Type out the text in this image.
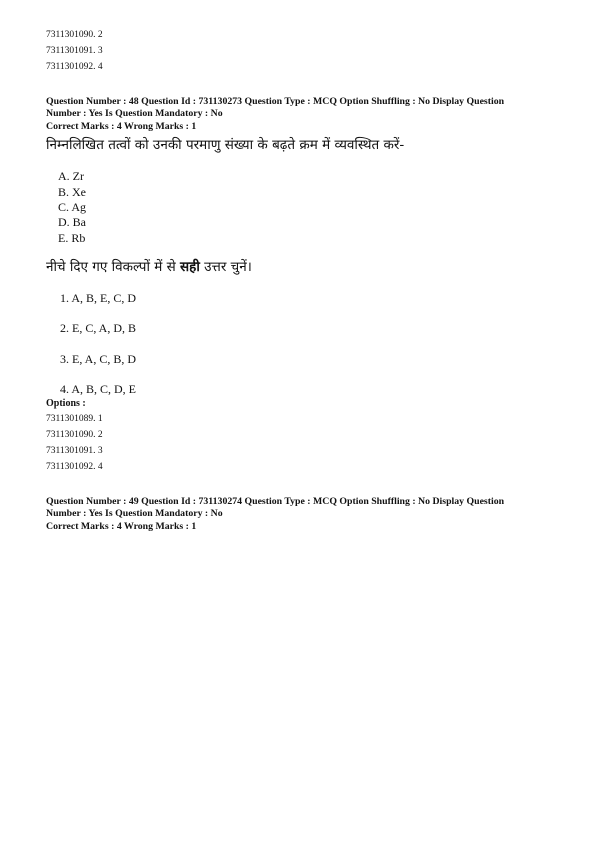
7311301090. 2
7311301091. 3
7311301092. 4
Question Number : 48 Question Id : 731130273 Question Type : MCQ Option Shuffling : No Display Question
Number : Yes Is Question Mandatory : No
Correct Marks : 4 Wrong Marks : 1
निम्नलिखित तत्वों को उनकी परमाणु संख्या के बढ़ते क्रम में व्यवस्थित करें-
A. Zr
B. Xe
C. Ag
D. Ba
E. Rb
नीचे दिए गए विकल्पों में से सही उत्तर चुनें।
1. A, B, E, C, D
2. E, C, A, D, B
3. E, A, C, B, D
4. A, B, C, D, E
Options :
7311301089. 1
7311301090. 2
7311301091. 3
7311301092. 4
Question Number : 49 Question Id : 731130274 Question Type : MCQ Option Shuffling : No Display Question
Number : Yes Is Question Mandatory : No
Correct Marks : 4 Wrong Marks : 1
